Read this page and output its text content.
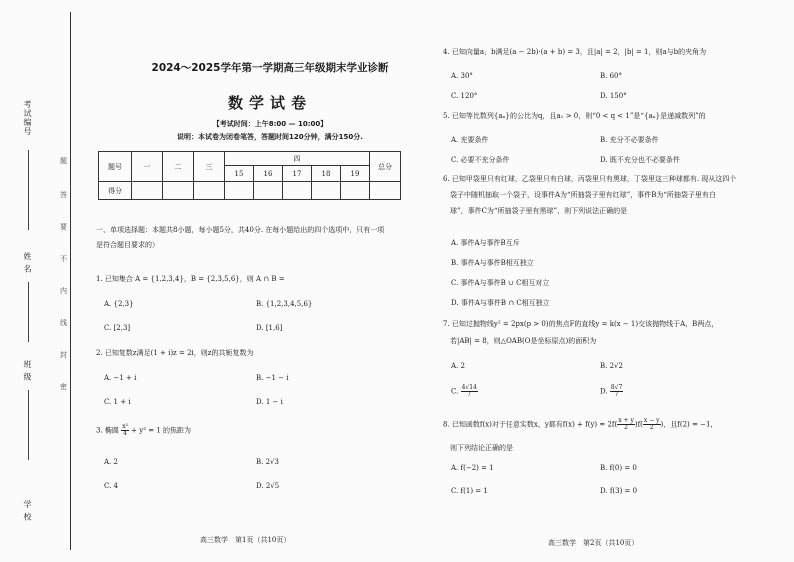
考试编号
姓 名
班 级
学 校
题
答
要
不
内
线
封
密
2024～2025学年第一学期高三年级期末学业诊断
数学试卷
【考试时间：上午8:00 — 10:00】
说明：本试卷为闭卷笔答，答题时间120分钟，满分150分.
题号	一	二	三	四					总分
				15	16	17	18	19	
得分									
一、单项选择题：本题共8小题，每小题5分，共40分. 在每小题给出的四个选项中，只有一项
是符合题目要求的）
1. 已知集合 A = {1,2,3,4}，B = {2,3,5,6}，则 A ∩ B =
A. {2,3}	B. {1,2,3,4,5,6}
C. [2,3]	D. [1,6]
2. 已知复数z满足(1 + i)z = 2i，则z的共轭复数为
A. −1 + i	B. −1 − i
C. 1 + i	D. 1 − i
3. 椭圆 $\frac{\text{x²}}{4} + y^2 = 1$ 的焦距为
A. 2	B. 2√3
C. 4	D. 2√5
高三数学　第1页（共10页）
4. 已知向量a，b满足(a − 2b)·(a + b) = 3，且|a| = 2，|b| = 1，则a与b的夹角为
A. 30°	B. 60°
C. 120°	D. 150°
5. 已知等比数列{aₙ}的公比为q，且a₁ > 0，则“0 < q < 1”是“{aₙ}是递减数列”的
A. 充要条件	B. 充分不必要条件
C. 必要不充分条件	D. 既不充分也不必要条件
6. 已知甲袋里只有红球，乙袋里只有白球，丙袋里只有黑球，丁袋里这三种球都有. 现从这四个
袋子中随机抽取一个袋子，设事件A为“所抽袋子里有红球”，事件B为“所抽袋子里有白
球”，事件C为“所抽袋子里有黑球”，则下列说法正确的是
A. 事件A与事件B互斥
B. 事件A与事件B相互独立
C. 事件A与事件B ∪ C相互对立
D. 事件A与事件B ∩ C相互独立
7. 已知过抛物线y² = 2px(p > 0)的焦点F的直线y = k(x − 1)交该抛物线于A，B两点，
若|AB| = 8，则△OAB(O是坐标原点)的面积为
A. 2	B. 2√2
C. $\frac{4√14}{7}$	D. $\frac{8√7}{7}$
8. 已知函数f(x)对于任意实数x，y都有$f(x) + f(y) = 2f( \frac{x + y}{2} )f( \frac{x - y}{2}$ )，且f(2) = −1，
则下列结论正确的是
A. f(−2) = 1	B. f(0) = 0
C. f(1) = 1	D. f(3) = 0
高三数学　第2页（共10页）
